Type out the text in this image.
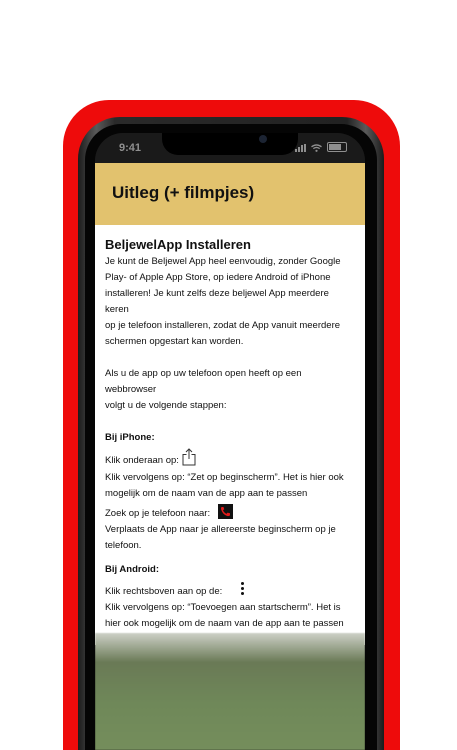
9:41
Uitleg (+ filmpjes)
BeljewelApp Installeren

Je kunt de Beljewel App heel eenvoudig, zonder Google

Play- of Apple App Store, op iedere Android of iPhone

installeren! Je kunt zelfs deze beljewel App meerdere keren

op je telefoon installeren, zodat de App vanuit meerdere

schermen opgestart kan worden.

Als u de app op uw telefoon open heeft op een webbrowser

volgt u de volgende stappen:

Bij iPhone:

Klik onderaan op:

Klik vervolgens op: “Zet op beginscherm”. Het is hier ook

mogelijk om de naam van de app aan te passen

Zoek op je telefoon naar:

Verplaats de App naar je allereerste beginscherm op je

telefoon.

Bij Android:

Klik rechtsboven aan op de:

Klik vervolgens op: “Toevoegen aan startscherm”. Het is

hier ook mogelijk om de naam van de app aan te passen
